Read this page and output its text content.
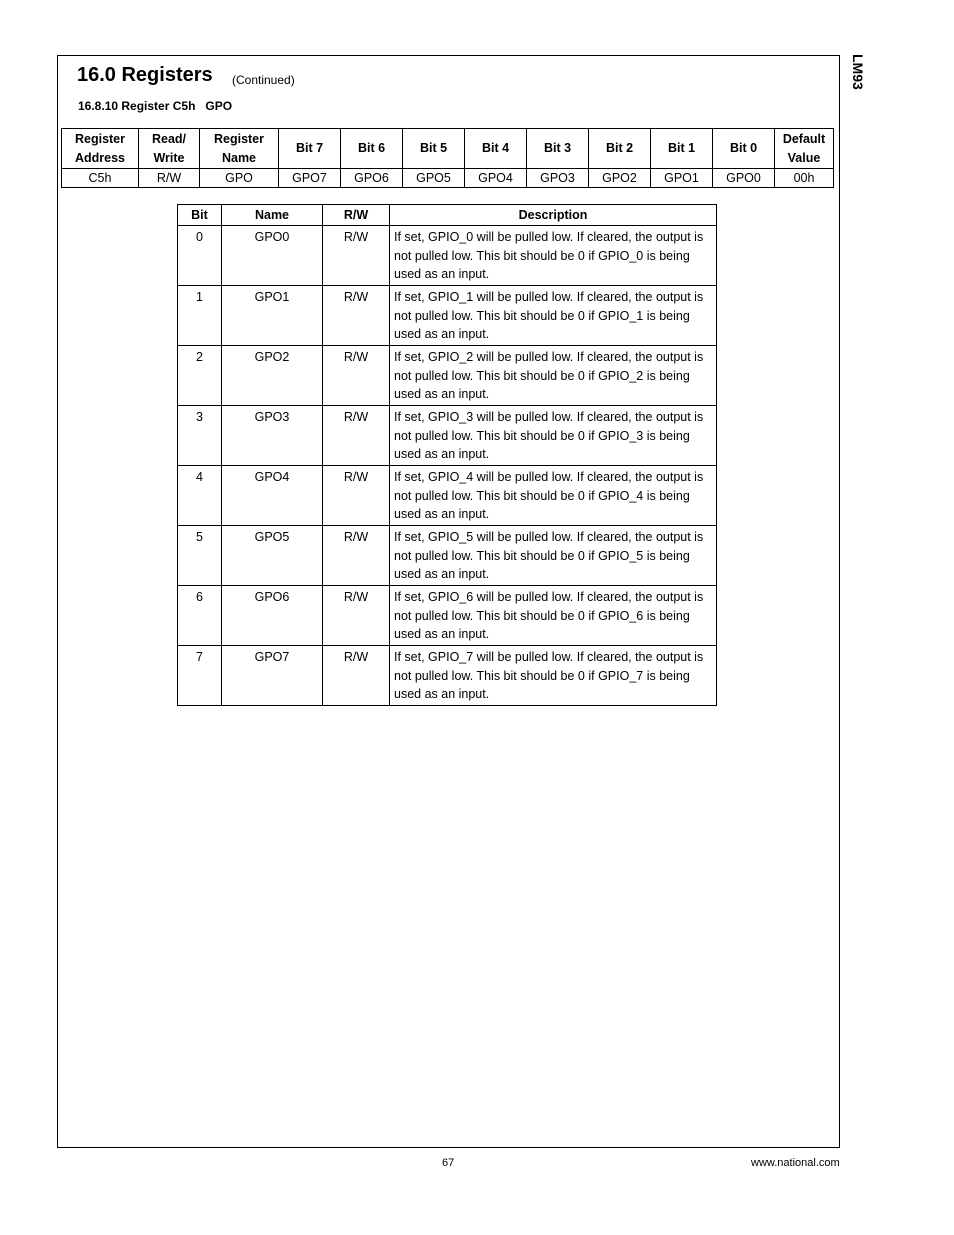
LM93
16.0 Registers (Continued)
16.8.10 Register C5h   GPO
Register Address	Read/ Write	Register Name	Bit 7	Bit 6	Bit 5	Bit 4	Bit 3	Bit 2	Bit 1	Bit 0	Default Value
C5h	R/W	GPO	GPO7	GPO6	GPO5	GPO4	GPO3	GPO2	GPO1	GPO0	00h
Bit	Name	R/W	Description
0	GPO0	R/W	If set, GPIO_0 will be pulled low. If cleared, the output is not pulled low. This bit should be 0 if GPIO_0 is being used as an input.
1	GPO1	R/W	If set, GPIO_1 will be pulled low. If cleared, the output is not pulled low. This bit should be 0 if GPIO_1 is being used as an input.
2	GPO2	R/W	If set, GPIO_2 will be pulled low. If cleared, the output is not pulled low. This bit should be 0 if GPIO_2 is being used as an input.
3	GPO3	R/W	If set, GPIO_3 will be pulled low. If cleared, the output is not pulled low. This bit should be 0 if GPIO_3 is being used as an input.
4	GPO4	R/W	If set, GPIO_4 will be pulled low. If cleared, the output is not pulled low. This bit should be 0 if GPIO_4 is being used as an input.
5	GPO5	R/W	If set, GPIO_5 will be pulled low. If cleared, the output is not pulled low. This bit should be 0 if GPIO_5 is being used as an input.
6	GPO6	R/W	If set, GPIO_6 will be pulled low. If cleared, the output is not pulled low. This bit should be 0 if GPIO_6 is being used as an input.
7	GPO7	R/W	If set, GPIO_7 will be pulled low. If cleared, the output is not pulled low. This bit should be 0 if GPIO_7 is being used as an input.
67	www.national.com
